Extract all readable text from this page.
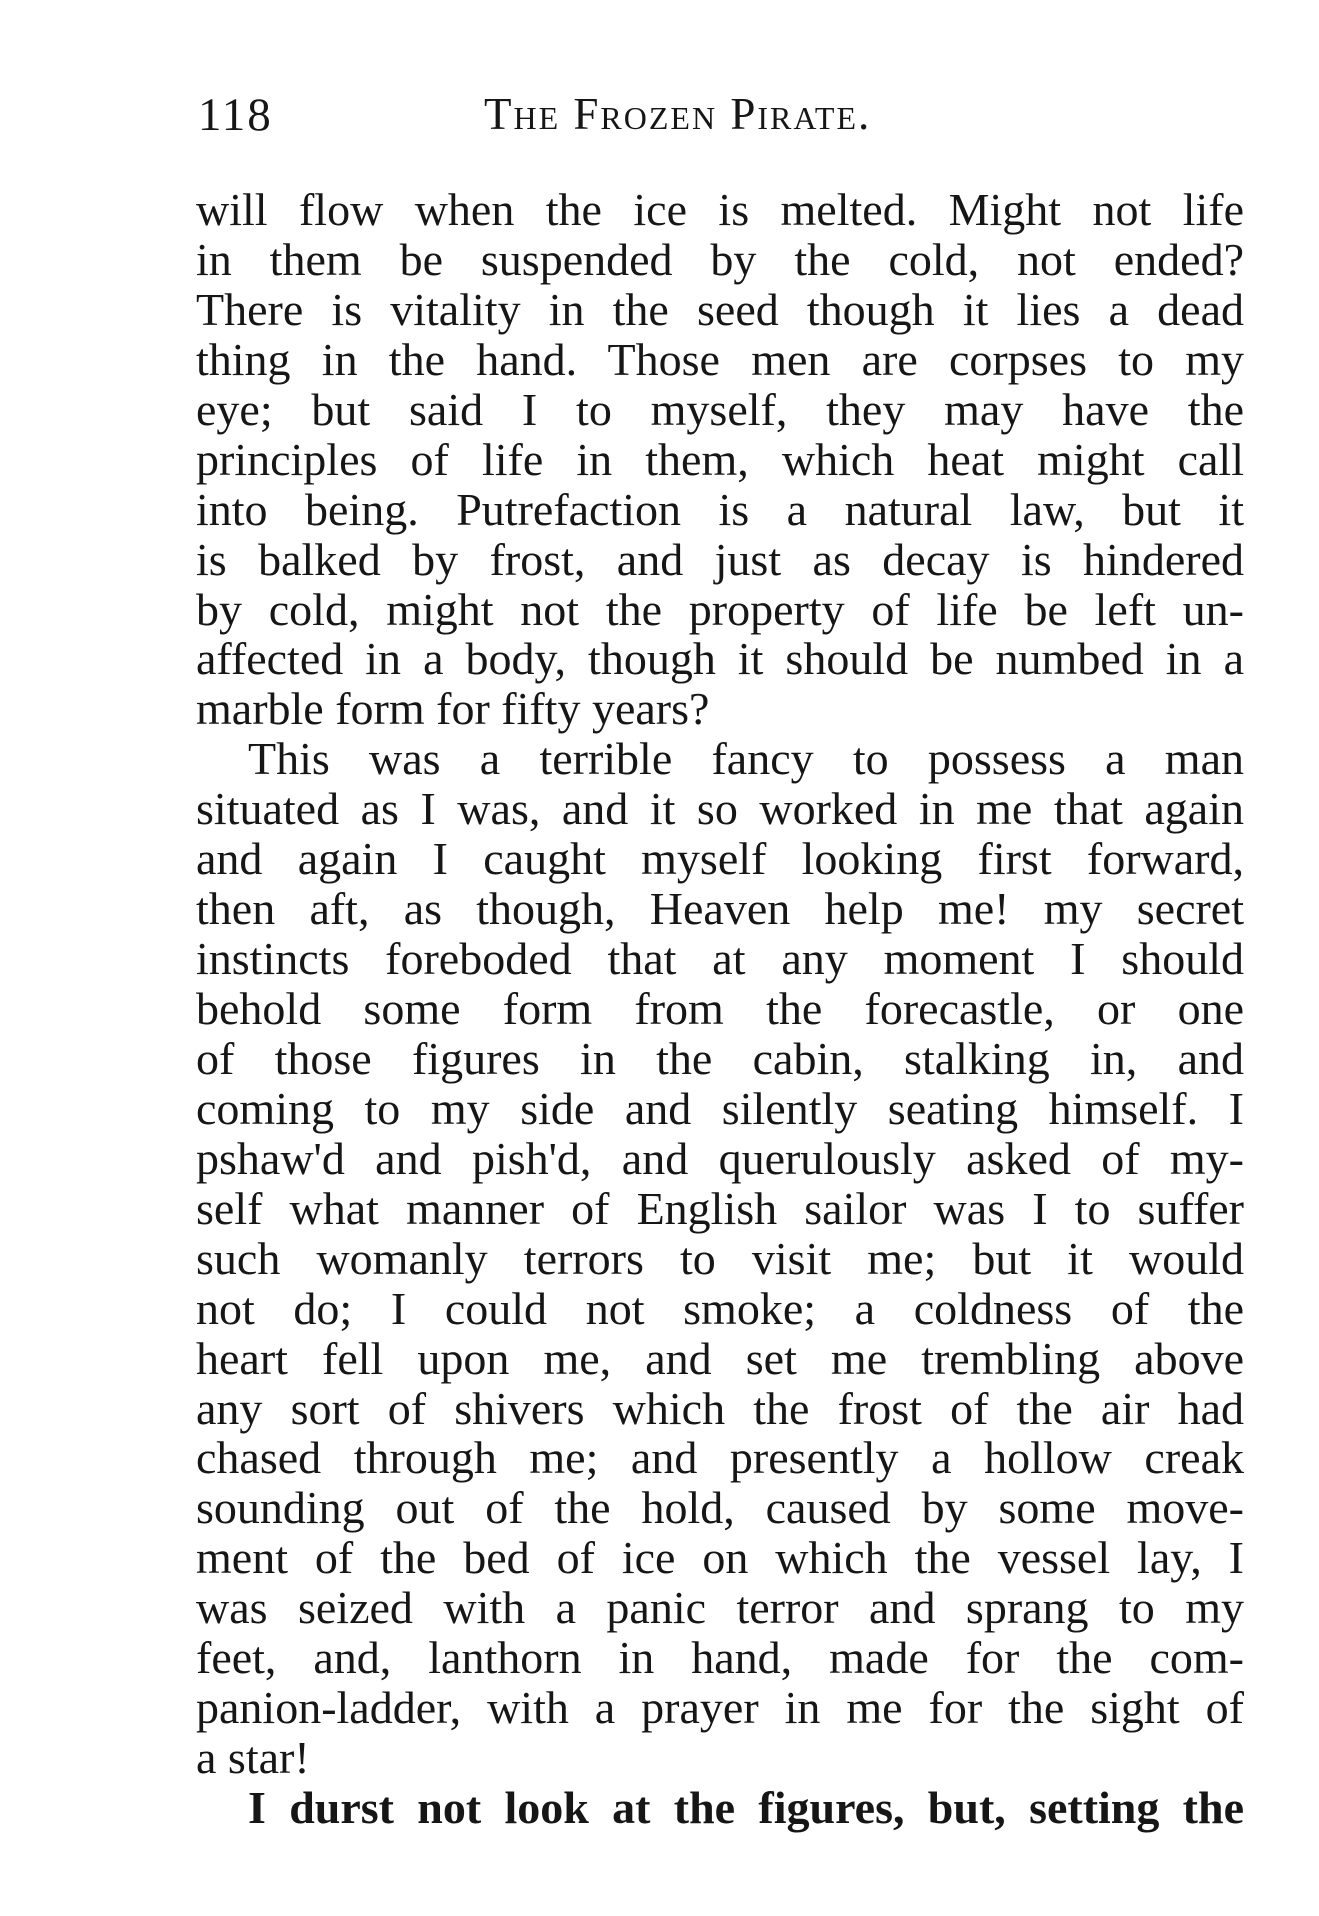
118	The Frozen Pirate.
will flow when the ice is melted. Might not life
in them be suspended by the cold, not ended?
There is vitality in the seed though it lies a dead
thing in the hand. Those men are corpses to my
eye; but said I to myself, they may have the
principles of life in them, which heat might call
into being. Putrefaction is a natural law, but it
is balked by frost, and just as decay is hindered
by cold, might not the property of life be left un-
affected in a body, though it should be numbed in a
marble form for fifty years?
This was a terrible fancy to possess a man
situated as I was, and it so worked in me that again
and again I caught myself looking first forward,
then aft, as though, Heaven help me! my secret
instincts foreboded that at any moment I should
behold some form from the forecastle, or one
of those figures in the cabin, stalking in, and
coming to my side and silently seating himself. I
pshaw'd and pish'd, and querulously asked of my-
self what manner of English sailor was I to suffer
such womanly terrors to visit me; but it would
not do; I could not smoke; a coldness of the
heart fell upon me, and set me trembling above
any sort of shivers which the frost of the air had
chased through me; and presently a hollow creak
sounding out of the hold, caused by some move-
ment of the bed of ice on which the vessel lay, I
was seized with a panic terror and sprang to my
feet, and, lanthorn in hand, made for the com-
panion-ladder, with a prayer in me for the sight of
a star!
I durst not look at the figures, but, setting the
